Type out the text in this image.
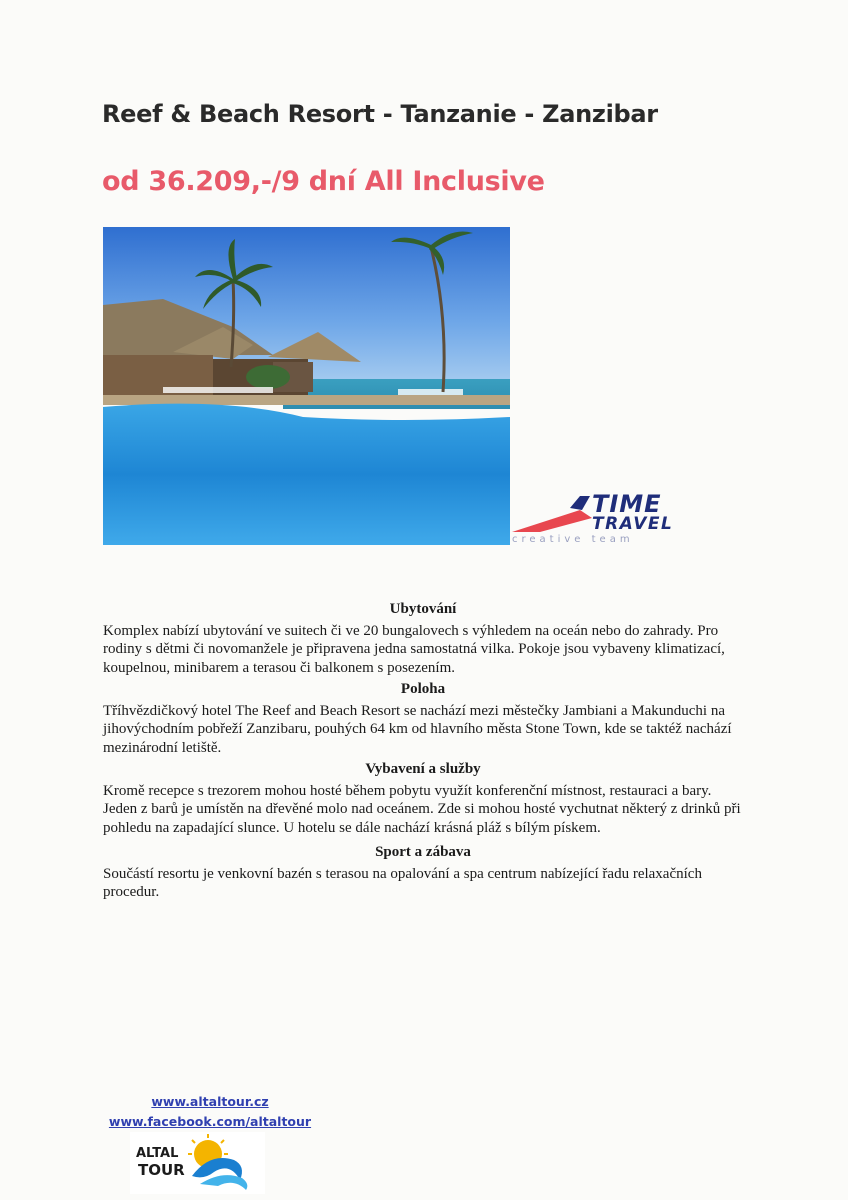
Reef & Beach Resort - Tanzanie - Zanzibar
od 36.209,-/9 dní All Inclusive
TIME
TRAVEL
creative team
Ubytování
Komplex nabízí ubytování ve suitech či ve 20 bungalovech s výhledem na oceán nebo do zahrady. Pro rodiny s dětmi či novomanžele je připravena jedna samostatná vilka. Pokoje jsou vybaveny klimatizací, koupelnou, minibarem a terasou či balkonem s posezením.
Poloha
Tříhvězdičkový hotel The Reef and Beach Resort se nachází mezi městečky Jambiani a Makunduchi na jihovýchodním pobřeží Zanzibaru, pouhých 64 km od hlavního města Stone Town, kde se taktéž nachází mezinárodní letiště.
Vybavení a služby
Kromě recepce s trezorem mohou hosté během pobytu využít konferenční místnost, restauraci a bary. Jeden z barů je umístěn na dřevěné molo nad oceánem. Zde si mohou hosté vychutnat některý z drinků při pohledu na zapadající slunce. U hotelu se dále nachází krásná pláž s bílým pískem.
Sport a zábava
Součástí resortu je venkovní bazén s terasou na opalování a spa centrum nabízející řadu relaxačních procedur.
www.altaltour.cz
www.facebook.com/altaltour
ALTAL
TOUR
